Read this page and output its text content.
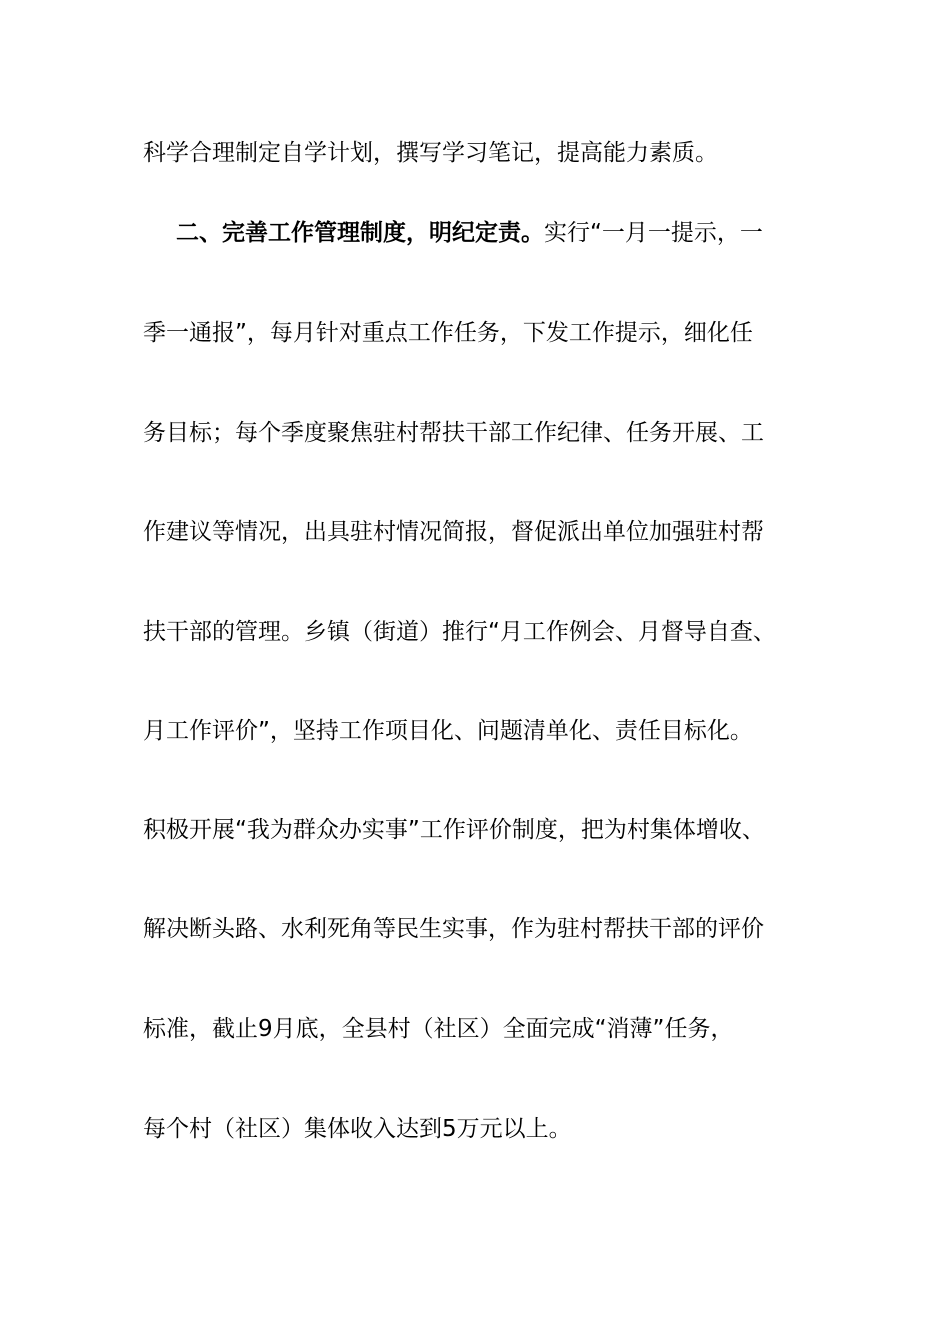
科学合理制定自学计划，撰写学习笔记，提高能力素质。
二、完善工作管理制度，明纪定责。实行“一月一提示，一
季一通报”，每月针对重点工作任务，下发工作提示，细化任
务目标；每个季度聚焦驻村帮扶干部工作纪律、任务开展、工
作建议等情况，出具驻村情况简报，督促派出单位加强驻村帮
扶干部的管理。乡镇（街道）推行“月工作例会、月督导自查、
月工作评价”，坚持工作项目化、问题清单化、责任目标化。
积极开展“我为群众办实事”工作评价制度，把为村集体增收、
解决断头路、水利死角等民生实事，作为驻村帮扶干部的评价
标准，截止9月底，全县村（社区）全面完成“消薄”任务，
每个村（社区）集体收入达到5万元以上。
